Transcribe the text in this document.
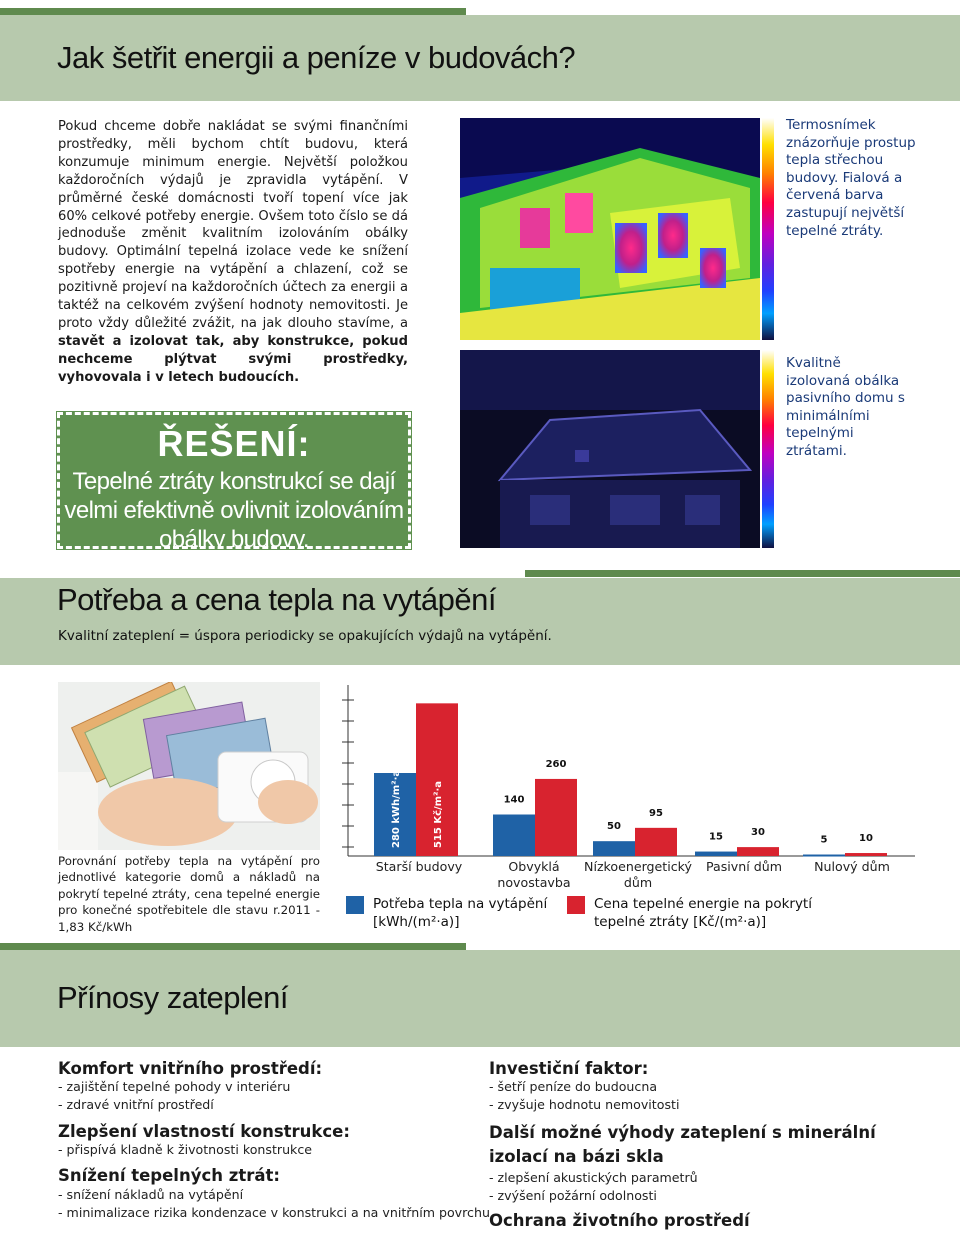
Jak šetřit energii a peníze v budovách?
Pokud chceme dobře nakládat se svými finančními prostředky, měli bychom chtít budovu, která konzumuje minimum energie. Největší položkou každoročních výdajů je zpravidla vytápění. V průměrné české domácnosti tvoří topení více jak 60% celkové potřeby energie. Ovšem toto číslo se dá jednoduše změnit kvalitním izolováním obálky budovy. Optimální tepelná izolace vede ke snížení spotřeby energie na vytápění a chlazení, což se pozitivně projeví na každoročních účtech za energii a taktéž na celkovém zvýšení hodnoty nemovitosti. Je proto vždy důležité zvážit, na jak dlouho stavíme, a stavět a izolovat tak, aby konstrukce, pokud nechceme plýtvat svými prostředky, vyhovovala i v letech budoucích.
ŘEŠENÍ:
Tepelné ztráty konstrukcí se dají velmi efektivně ovlivnit izolováním obálky budovy.
Termosnímek znázorňuje prostup tepla střechou budovy. Fialová a červená barva zastupují největší tepelné ztráty.
Kvalitně izolovaná obálka pasivního domu s minimálními tepelnými ztrátami.
Potřeba a cena tepla na vytápění
Kvalitní zateplení = úspora periodicky se opakujících výdajů na vytápění.
Porovnání potřeby tepla na vytápění pro jednotlivé kategorie domů a nákladů na pokrytí tepelné ztráty, cena tepelné energie pro konečné spotřebitele dle stavu r.2011 - 1,83 Kč/kWh
280 kWh/m²·a	515 Kč/m²·a	140
260
50
95
15	30
5	10
Starší budovy	Obvyklá novostavba
Nízkoenergetický dům
Pasivní dům	Nulový dům
Potřeba tepla na vytápění [kWh/(m²·a)]
Cena tepelné energie na pokrytí tepelné ztráty [Kč/(m²·a)]
Přínosy zateplení
Komfort vnitřního prostředí:
- zajištění tepelné pohody v interiéru
- zdravé vnitřní prostředí
Zlepšení vlastností konstrukce:
- přispívá kladně k životnosti konstrukce
Snížení tepelných ztrát:
- snížení nákladů na vytápění
- minimalizace rizika kondenzace v konstrukci a na vnitřním povrchu
Investiční faktor:
- šetří peníze do budoucna
- zvyšuje hodnotu nemovitosti
Další možné výhody zateplení s minerální izolací na bázi skla
- zlepšení akustických parametrů
- zvýšení požární odolnosti
Ochrana životního prostředí
